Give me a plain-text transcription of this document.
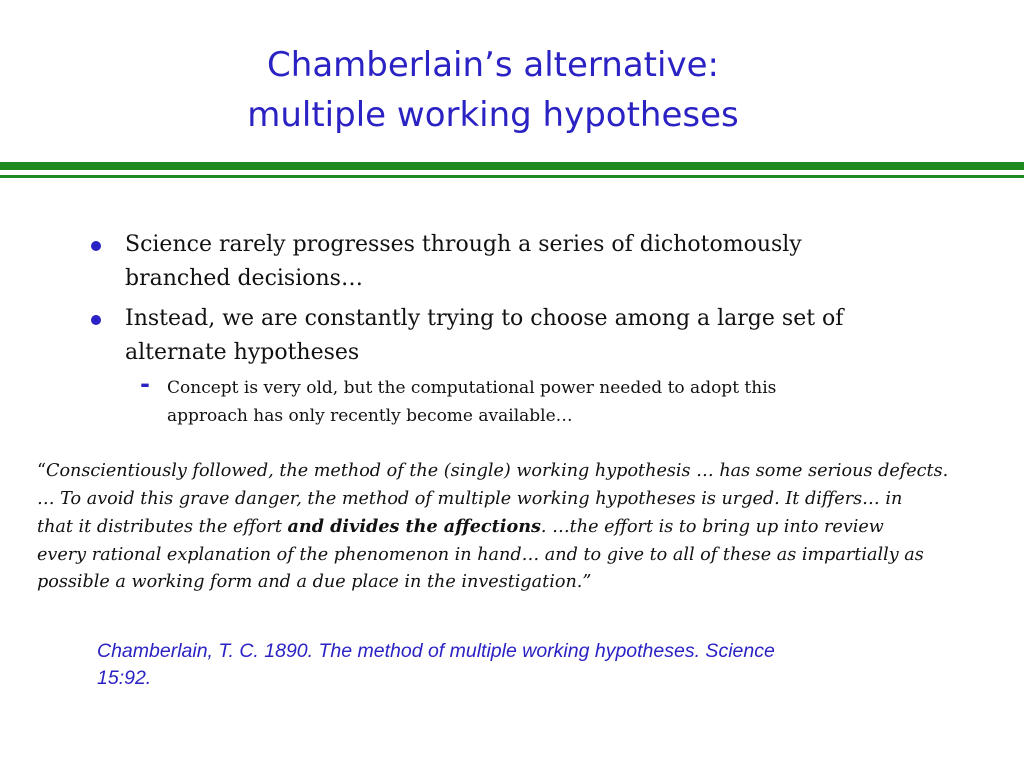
Chamberlain’s alternative:
multiple working hypotheses
Science rarely progresses through a series of dichotomously
branched decisions…
Instead, we are constantly trying to choose among a large set of
alternate hypotheses
- Concept is very old, but the computational power needed to adopt this
approach has only recently become available…
“Conscientiously followed, the method of the (single) working hypothesis … has some serious defects.
… To avoid this grave danger, the method of multiple working hypotheses is urged. It differs… in
that it distributes the effort and divides the affections. …the effort is to bring up into review
every rational explanation of the phenomenon in hand… and to give to all of these as impartially as
possible a working form and a due place in the investigation.”
Chamberlain, T. C. 1890. The method of multiple working hypotheses. Science
15:92.
